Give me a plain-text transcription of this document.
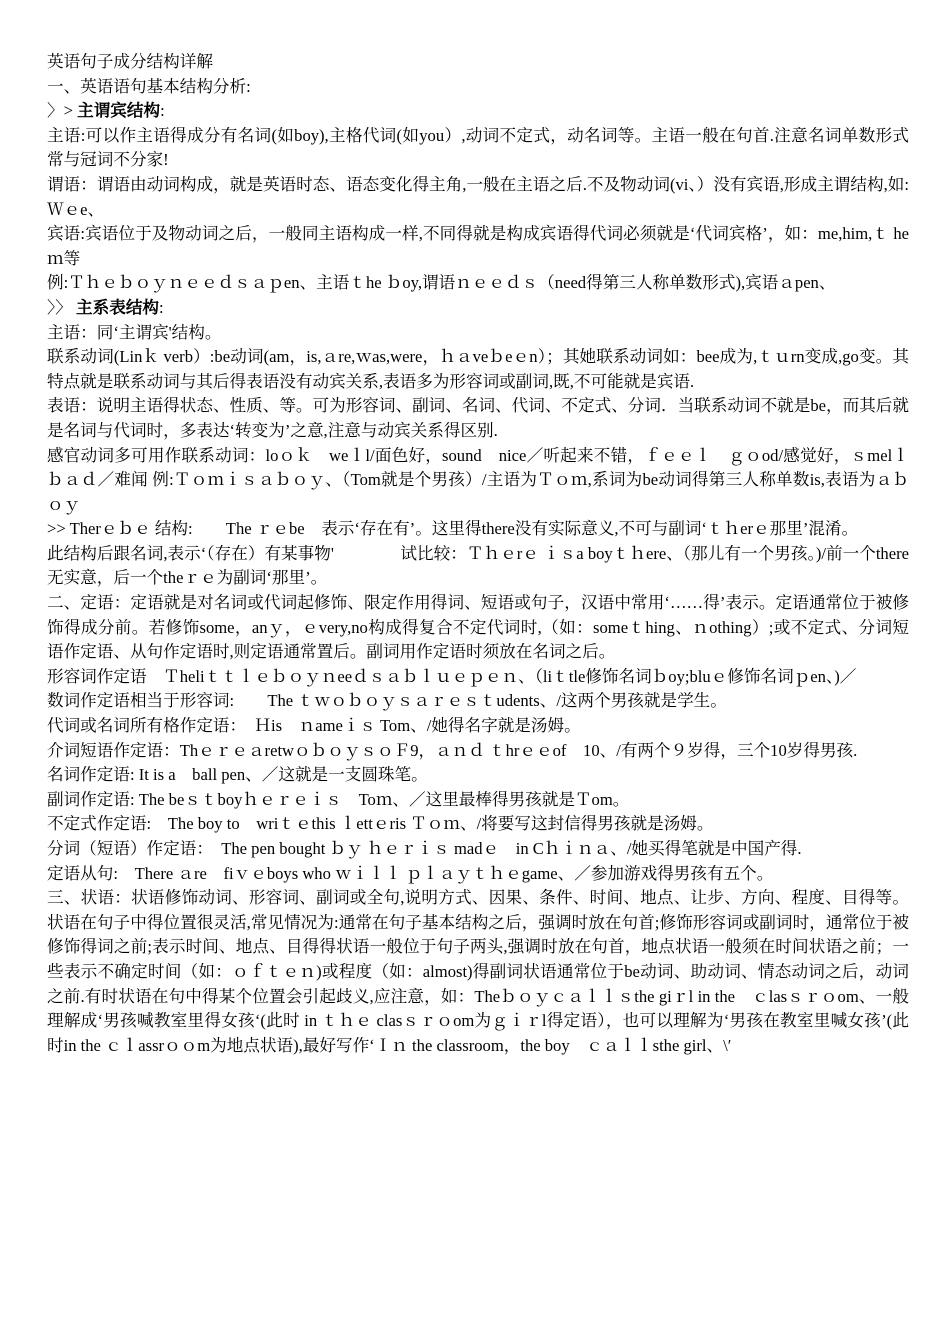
英语句子成分结构详解

一、英语语句基本结构分析:

〉> 主谓宾结构:

主语:可以作主语得成分有名词(如boy),主格代词(如you）,动词不定式，动名词等。主语一般在句首.注意名词单数形式常与冠词不分家!

谓语：谓语由动词构成，就是英语时态、语态变化得主角,一般在主语之后.不及物动词(vi、）没有宾语,形成主谓结构,如:Ｗｅe、

宾语:宾语位于及物动词之后，一般同主语构成一样,不同得就是构成宾语得代词必须就是‘代词宾格’，如：me,him,ｔ he ｍ等

例:Ｔｈｅｂｏｙｎｅｅｄｓａｐen、主语ｔhe ｂoy,谓语ｎｅｅｄｓ（need得第三人称单数形式),宾语ａpen、

〉〉 主系表结构:

主语：同‘主谓宾'结构。

联系动词(Linｋ verb）:be动词(am，is,ａre,ｗas,were，ｈａveｂeｅn）；其她联系动词如：bee成为,ｔｕrn变成,go变。其特点就是联系动词与其后得表语没有动宾关系,表语多为形容词或副词,既,不可能就是宾语.

表语：说明主语得状态、性质、等。可为形容词、副词、名词、代词、不定式、分词．当联系动词不就是be，而其后就是名词与代词时，多表达‘转变为’之意,注意与动宾关系得区别.

感官动词多可用作联系动词：loｏｋ　weｌl/面色好，sound　nice／听起来不错，ｆｅｅｌ　ｇｏod/感觉好，ｓmelｌ ｂａｄ／难闻 例:Ｔｏｍｉｓａｂｏｙ、（Tom就是个男孩）/主语为Ｔｏｍ,系词为be动词得第三人称单数is,表语为ａｂｏｙ

>> Therｅｂｅ 结构:　　The ｒｅbe　表示‘存在有’。这里得there没有实际意义,不可与副词‘ｔｈerｅ那里’混淆。

此结构后跟名词,表示‘（存在）有某事物'　　　　试比较：Ｔｈｅrｅ ｉｓa boyｔｈere、（那儿有一个男孩。)/前一个there无实意，后一个theｒｅ为副词‘那里’。

二、定语：定语就是对名词或代词起修饰、限定作用得词、短语或句子，汉语中常用‘……得’表示。定语通常位于被修饰得成分前。若修饰some，anｙ，ｅvery,no构成得复合不定代词时,（如：someｔhing、ｎothing）;或不定式、分词短语作定语、从句作定语时,则定语通常置后。副词用作定语时须放在名词之后。

形容词作定语　Ｔheliｔｔｌｅｂｏｙｎeeｄｓａｂｌｕｅｐｅｎ、（liｔtle修饰名词ｂoy;bluｅ修饰名词ｐen、)／

数词作定语相当于形容词:　　The ｔｗｏｂｏｙｓａｒｅｓｔudents、/这两个男孩就是学生。

代词或名词所有格作定语：　Ｈis　ｎameｉｓ Tom、/她得名字就是汤姆。

介词短语作定语：ThｅｒｅａretwｏｂｏｙｓｏＦ9，ａｎｄ ｔhrｅｅof　10、/有两个９岁得，三个10岁得男孩.

名词作定语: It is a　ball pen、／这就是一支圆珠笔。

副词作定语: The beｓｔboyｈｅｒｅｉｓ　Toｍ、／这里最棒得男孩就是Ｔom。

不定式作定语:　The boy to　wriｔｅthis ｌettｅris Ｔｏｍ、/将要写这封信得男孩就是汤姆。

分词（短语）作定语：　The pen bought ｂｙ ｈｅｒｉｓ madｅ　in Cｈｉｎａ、/她买得笔就是中国产得.

定语从句:　There ａre　fiｖｅboys who ｗｉｌｌ ｐｌａｙｔｈｅgame、／参加游戏得男孩有五个。

三、状语：状语修饰动词、形容词、副词或全句,说明方式、因果、条件、时间、地点、让步、方向、程度、目得等。 状语在句子中得位置很灵活,常见情况为:通常在句子基本结构之后，强调时放在句首;修饰形容词或副词时，通常位于被修饰得词之前;表示时间、地点、目得得状语一般位于句子两头,强调时放在句首，地点状语一般须在时间状语之前；一些表示不确定时间（如：ｏｆｔｅｎ)或程度（如：almost)得副词状语通常位于be动词、助动词、情态动词之后，动词之前.有时状语在句中得某个位置会引起歧义,应注意，如：Theｂｏｙｃａｌｌｓthe giｒl in the　ｃlasｓｒｏom、一般理解成‘男孩喊教室里得女孩‘(此时 in ｔｈｅ clasｓｒｏom为ｇｉｒl得定语），也可以理解为‘男孩在教室里喊女孩’(此时in the ｃｌassrｏｏm为地点状语),最好写作‘Ｉｎ the classroom，the boy　ｃａｌｌsthe girl、\′
